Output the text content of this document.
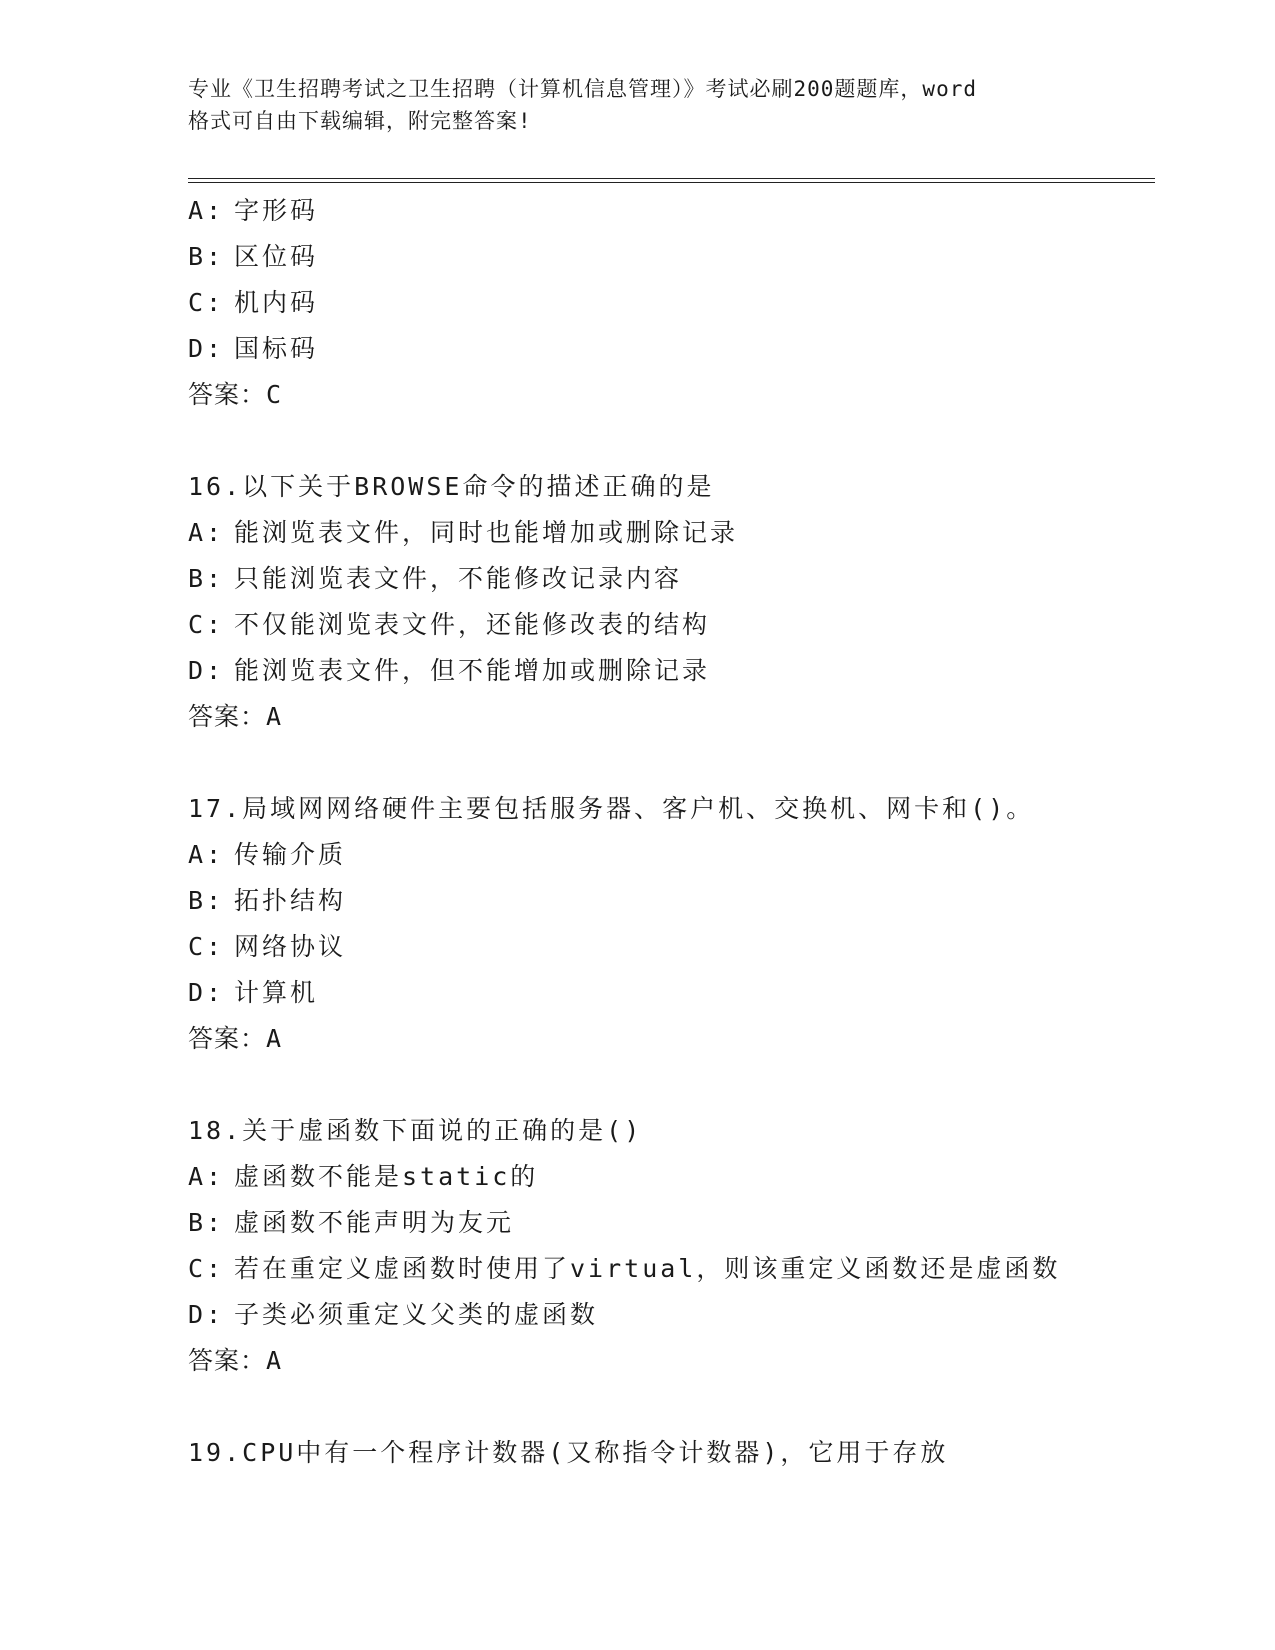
专业《卫生招聘考试之卫生招聘（计算机信息管理）》考试必刷200题题库，word
格式可自由下载编辑，附完整答案!
A: 字形码
B: 区位码
C: 机内码
D: 国标码
答案：C
16.以下关于BROWSE命令的描述正确的是
A: 能浏览表文件，同时也能增加或删除记录
B: 只能浏览表文件，不能修改记录内容
C: 不仅能浏览表文件，还能修改表的结构
D: 能浏览表文件，但不能增加或删除记录
答案：A
17.局域网网络硬件主要包括服务器、客户机、交换机、网卡和()。
A: 传输介质
B: 拓扑结构
C: 网络协议
D: 计算机
答案：A
18.关于虚函数下面说的正确的是()
A: 虚函数不能是static的
B: 虚函数不能声明为友元
C: 若在重定义虚函数时使用了virtual，则该重定义函数还是虚函数
D: 子类必须重定义父类的虚函数
答案：A
19.CPU中有一个程序计数器(又称指令计数器)，它用于存放
